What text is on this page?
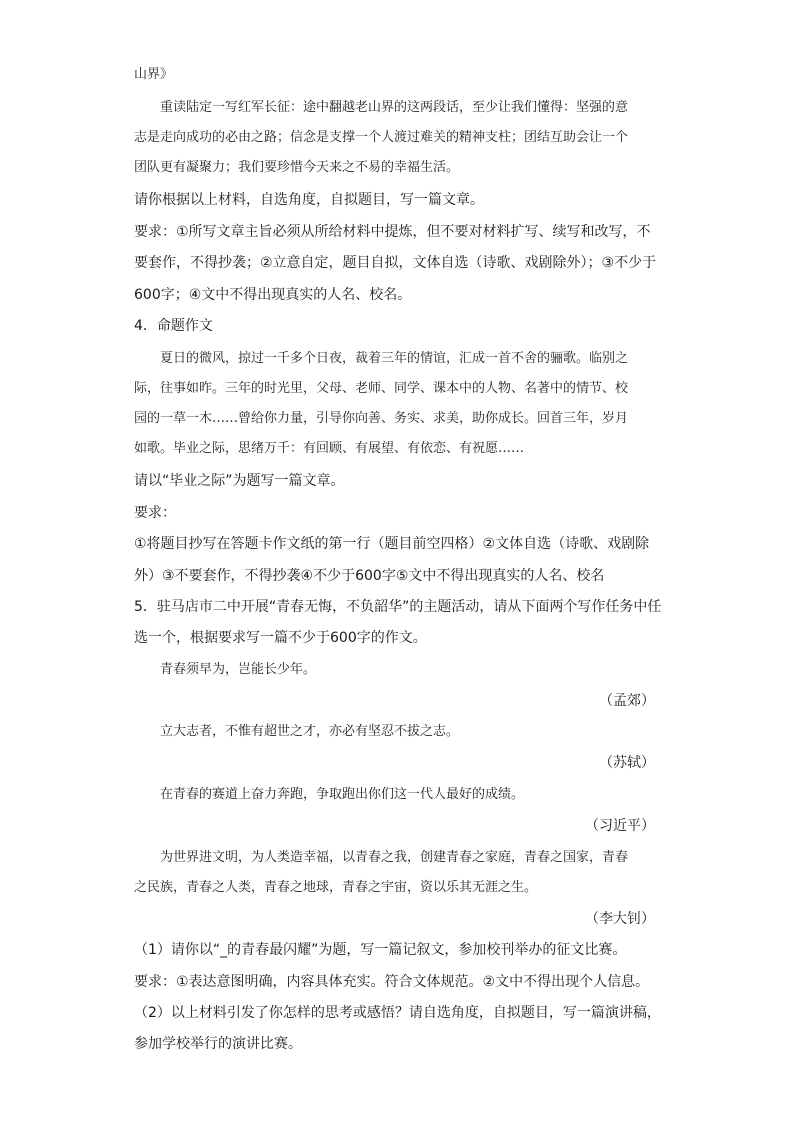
山界》
重读陆定一写红军长征：途中翻越老山界的这两段话，至少让我们懂得：坚强的意
志是走向成功的必由之路；信念是支撑一个人渡过难关的精神支柱；团结互助会让一个
团队更有凝聚力；我们要珍惜今天来之不易的幸福生活。
请你根据以上材料，自选角度，自拟题目，写一篇文章。
要求：①所写文章主旨必须从所给材料中提炼，但不要对材料扩写、续写和改写，不
要套作，不得抄袭；②立意自定，题目自拟，文体自选（诗歌、戏剧除外）；③不少于
600字；④文中不得出现真实的人名、校名。
4．命题作文
夏日的微风，掠过一千多个日夜，裁着三年的情谊，汇成一首不舍的骊歌。临别之
际，往事如昨。三年的时光里，父母、老师、同学、课本中的人物、名著中的情节、校
园的一草一木……曾给你力量，引导你向善、务实、求美，助你成长。回首三年，岁月
如歌。毕业之际，思绪万千：有回顾、有展望、有依恋、有祝愿……
请以“毕业之际”为题写一篇文章。
要求：
①将题目抄写在答题卡作文纸的第一行（题目前空四格）②文体自选（诗歌、戏剧除
外）③不要套作，不得抄袭④不少于600字⑤文中不得出现真实的人名、校名
5．驻马店市二中开展“青春无悔，不负韶华”的主题活动，请从下面两个写作任务中任
选一个，根据要求写一篇不少于600字的作文。
青春须早为，岂能长少年。
（孟郊）
立大志者，不惟有超世之才，亦必有坚忍不拔之志。
（苏轼）
在青春的赛道上奋力奔跑，争取跑出你们这一代人最好的成绩。
（习近平）
为世界进文明，为人类造幸福，以青春之我，创建青春之家庭，青春之国家，青春
之民族，青春之人类，青春之地球，青春之宇宙，资以乐其无涯之生。
（李大钊）
（1）请你以“_的青春最闪耀”为题，写一篇记叙文，参加校刊举办的征文比赛。
要求：①表达意图明确，内容具体充实。符合文体规范。②文中不得出现个人信息。
（2）以上材料引发了你怎样的思考或感悟？请自选角度，自拟题目，写一篇演讲稿，
参加学校举行的演讲比赛。
